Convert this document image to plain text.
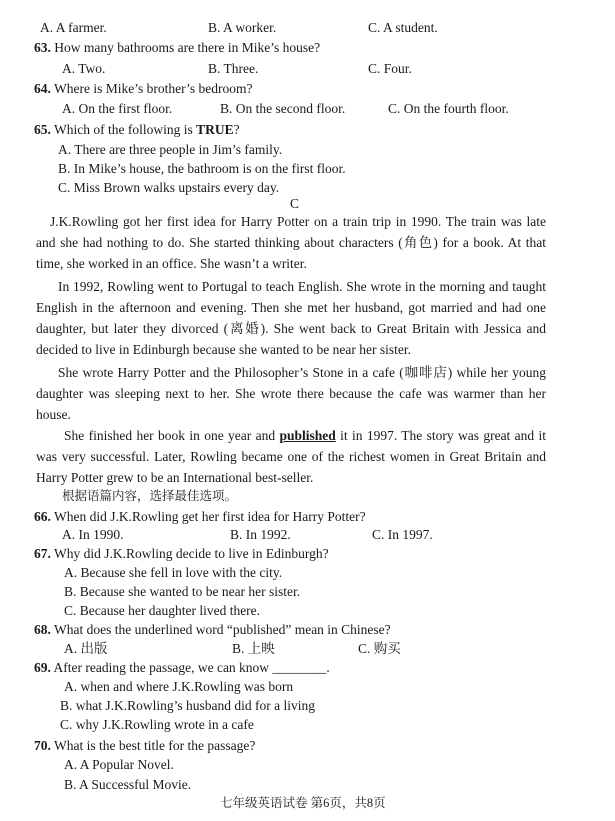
A. A farmer.	B. A worker.	C. A student.
63. How many bathrooms are there in Mike’s house?
A. Two.	B. Three.	C. Four.
64. Where is Mike’s brother’s bedroom?
A. On the first floor.	B. On the second floor.	C. On the fourth floor.
65. Which of the following is TRUE?
A. There are three people in Jim’s family.
B. In Mike’s house, the bathroom is on the first floor.
C. Miss Brown walks upstairs every day.
C
J.K.Rowling got her first idea for Harry Potter on a train trip in 1990. The train was late and she had nothing to do. She started thinking about characters (角色) for a book. At that time, she worked in an office. She wasn’t a writer.
In 1992, Rowling went to Portugal to teach English. She wrote in the morning and taught English in the afternoon and evening. Then she met her husband, got married and had one daughter, but later they divorced (离婚). She went back to Great Britain with Jessica and decided to live in Edinburgh because she wanted to be near her sister.
She wrote Harry Potter and the Philosopher’s Stone in a cafe (咖啡店) while her young daughter was sleeping next to her. She wrote there because the cafe was warmer than her house.
She finished her book in one year and published it in 1997. The story was great and it was very successful. Later, Rowling became one of the richest women in Great Britain and Harry Potter grew to be an International best-seller.
根据语篇内容，选择最佳选项。
66. When did J.K.Rowling get her first idea for Harry Potter?
A. In 1990.	B. In 1992.	C. In 1997.
67. Why did J.K.Rowling decide to live in Edinburgh?
A. Because she fell in love with the city.
B. Because she wanted to be near her sister.
C. Because her daughter lived there.
68. What does the underlined word “published” mean in Chinese?
A. 出版	B. 上映	C. 购买
69. After reading the passage, we can know ________.
A. when and where J.K.Rowling was born
B. what J.K.Rowling’s husband did for a living
C. why J.K.Rowling wrote in a cafe
70. What is the best title for the passage?
A. A Popular Novel.
B. A Successful Movie.
七年级英语试卷 第6页，共8页
